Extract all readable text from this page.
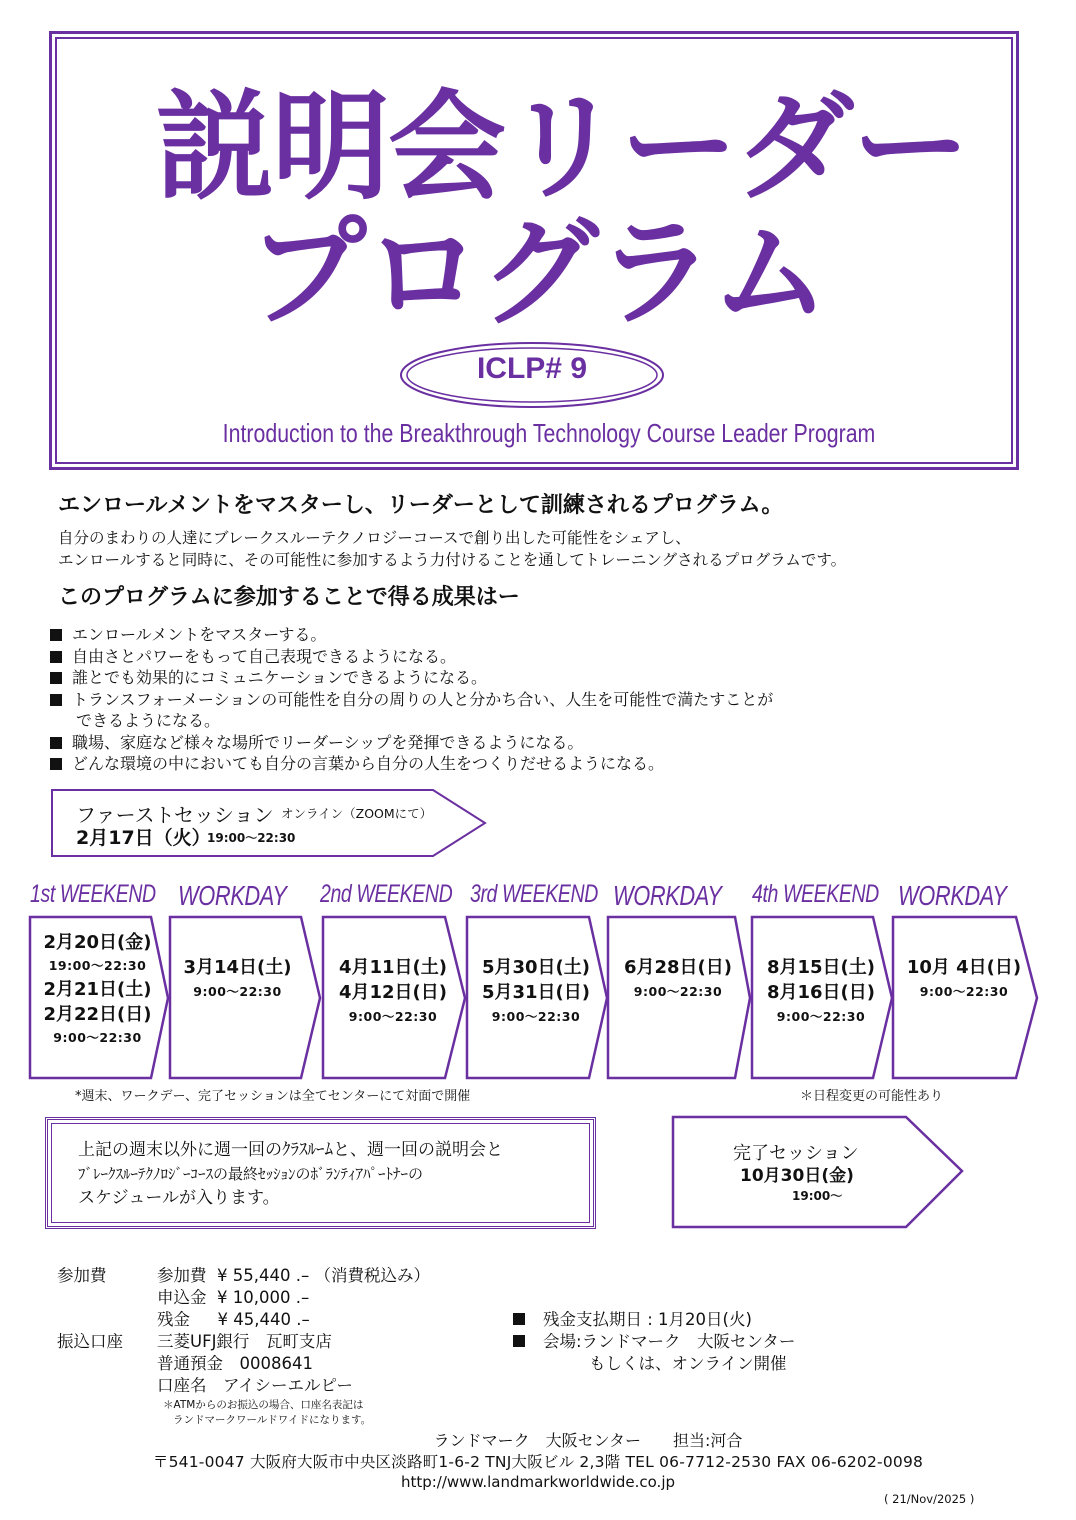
説明会リーダー
プログラム
ICLP# 9
Introduction to the Breakthrough Technology Course Leader Program
エンロールメントをマスターし、リーダーとして訓練されるプログラム。
自分のまわりの人達にブレークスルーテクノロジーコースで創り出した可能性をシェアし、
エンロールすると同時に、その可能性に参加するよう力付けることを通してトレーニングされるプログラムです。
このプログラムに参加することで得る成果はー
エンロールメントをマスターする。
自由さとパワーをもって自己表現できるようになる。
誰とでも効果的にコミュニケーションできるようになる。
トランスフォーメーションの可能性を自分の周りの人と分かち合い、人生を可能性で満たすことが
できるようになる。
職場、家庭など様々な場所でリーダーシップを発揮できるようになる。
どんな環境の中においても自分の言葉から自分の人生をつくりだせるようになる。
ファーストセッション オンライン（ZOOMにて）
2月17日（火）
19:00〜22:30
1st WEEKEND WORKDAY 2nd WEEKEND 3rd WEEKEND WORKDAY 4th WEEKEND WORKDAY
2月20日(金)
19:00〜22:30
2月21日(土)
2月22日(日)
9:00〜22:30
3月14日(土)
9:00〜22:30
4月11日(土)
4月12日(日)
9:00〜22:30
5月30日(土)
5月31日(日)
9:00〜22:30
6月28日(日)
9:00〜22:30
8月15日(土)
8月16日(日)
9:00〜22:30
10月 4日(日)
9:00〜22:30
*週末、ワークデー、完了セッションは全てセンターにて対面で開催	＊日程変更の可能性あり
上記の週末以外に週一回のｸﾗｽﾙｰﾑと、週一回の説明会と
ﾌﾞﾚｰｸｽﾙｰﾃｸﾉﾛｼﾞｰｺｰｽの最終ｾｯｼｮﾝのﾎﾞﾗﾝﾃｨｱﾊﾟｰﾄﾅｰの
スケジュールが入ります。
完了セッション
10月30日(金)
19:00〜
参加費	参加費 ¥ 55,440 .– （消費税込み）
申込金 ¥ 10,000 .–
残金 ¥ 45,440 .–
振込口座 三菱UFJ銀行　瓦町支店
普通預金　0008641
口座名　アイシーエルピー
＊ATMからのお振込の場合、口座名表記は
ランドマークワールドワイドになります。
残金支払期日 : 1月20日(火)
会場:ランドマーク　大阪センター
もしくは、オンライン開催
ランドマーク　大阪センター　　担当:河合
〒541-0047 大阪府大阪市中央区淡路町1-6-2 TNJ大阪ビル 2,3階 TEL 06-7712-2530 FAX 06-6202-0098
http://www.landmarkworldwide.co.jp
( 21/Nov/2025 )
